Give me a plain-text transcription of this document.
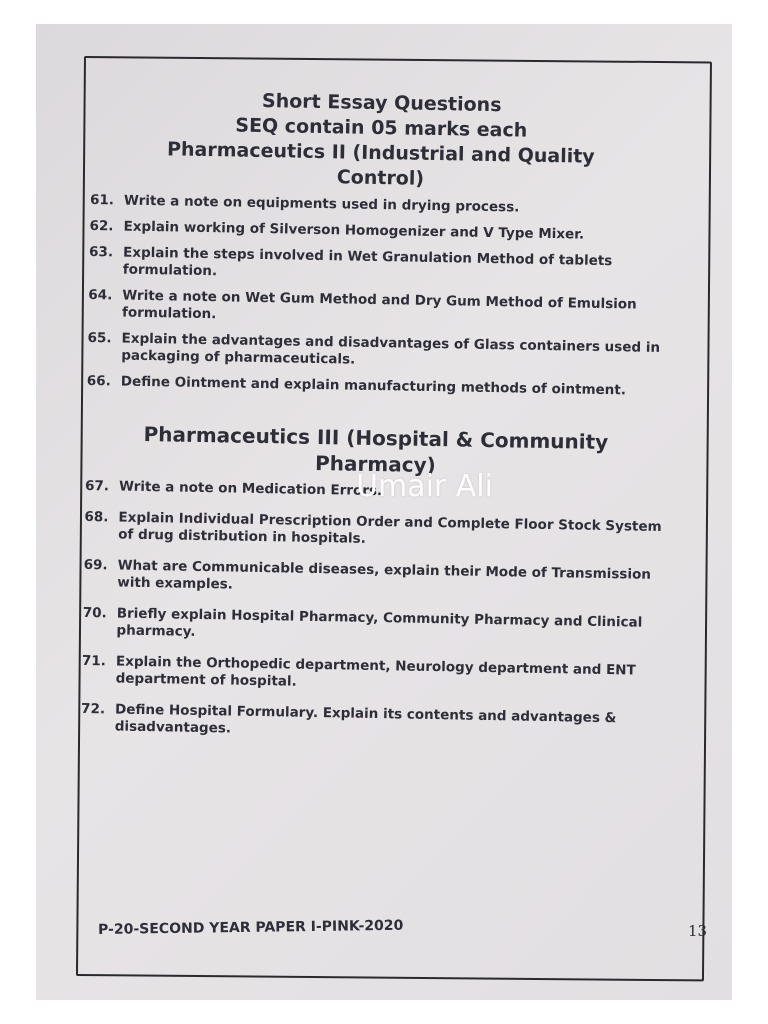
Short Essay Questions

SEQ contain 05 marks each

Pharmaceutics II (Industrial and Quality

Control)

61. Write a note on equipments used in drying process.
62. Explain working of Silverson Homogenizer and V Type Mixer.
63. Explain the steps involved in Wet Granulation Method of tablets formulation.
64. Write a note on Wet Gum Method and Dry Gum Method of Emulsion formulation.
65. Explain the advantages and disadvantages of Glass containers used in packaging of pharmaceuticals.
66. Define Ointment and explain manufacturing methods of ointment.

Pharmaceutics III (Hospital & Community

Pharmacy)

67. Write a note on Medication Errors.
68. Explain Individual Prescription Order and Complete Floor Stock System of drug distribution in hospitals.
69. What are Communicable diseases, explain their Mode of Transmission with examples.
70. Briefly explain Hospital Pharmacy, Community Pharmacy and Clinical pharmacy.
71. Explain the Orthopedic department, Neurology department and ENT department of hospital.
72. Define Hospital Formulary. Explain its contents and advantages & disadvantages.
Umair Ali
P-20-SECOND YEAR PAPER I-PINK-2020	13
